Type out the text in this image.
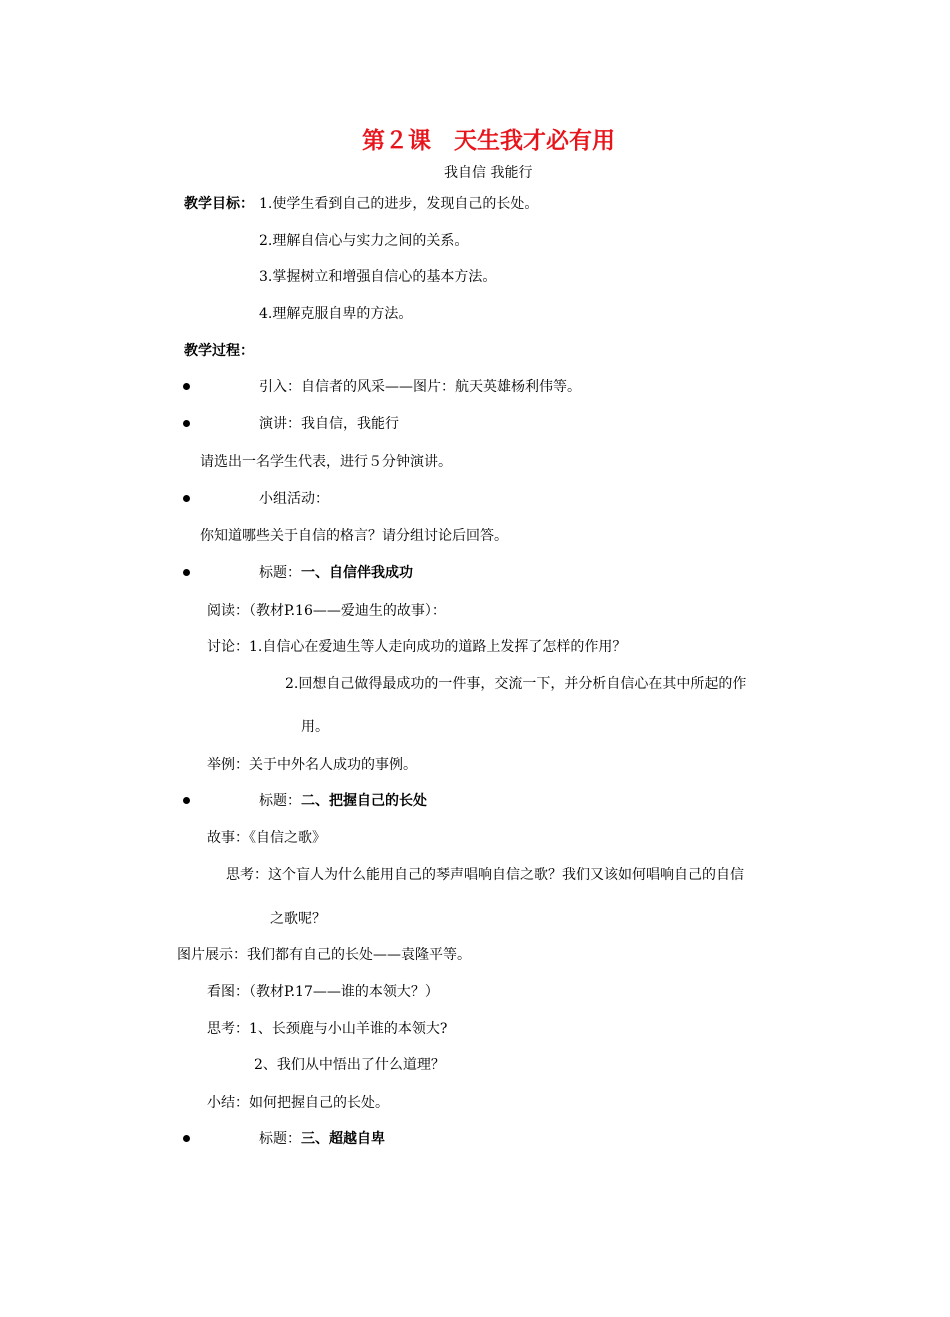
第２课　天生我才必有用
我自信 我能行
教学目标： 1.使学生看到自己的进步，发现自己的长处。
2.理解自信心与实力之间的关系。
3.掌握树立和增强自信心的基本方法。
4.理解克服自卑的方法。
教学过程：
引入：自信者的风采——图片：航天英雄杨利伟等。
演讲：我自信，我能行
请选出一名学生代表，进行５分钟演讲。
小组活动：
你知道哪些关于自信的格言？请分组讨论后回答。
标题：一、自信伴我成功
阅读：（教材P.16——爱迪生的故事）：
讨论：1.自信心在爱迪生等人走向成功的道路上发挥了怎样的作用？
2.回想自己做得最成功的一件事，交流一下，并分析自信心在其中所起的作
用。
举例：关于中外名人成功的事例。
标题：二、把握自己的长处
故事：《自信之歌》
思考：这个盲人为什么能用自己的琴声唱响自信之歌？我们又该如何唱响自己的自信
之歌呢？
图片展示：我们都有自己的长处——袁隆平等。
看图：（教材P.17——谁的本领大？）
思考：1、长颈鹿与小山羊谁的本领大?
2、我们从中悟出了什么道理？
小结：如何把握自己的长处。
标题：三、超越自卑
